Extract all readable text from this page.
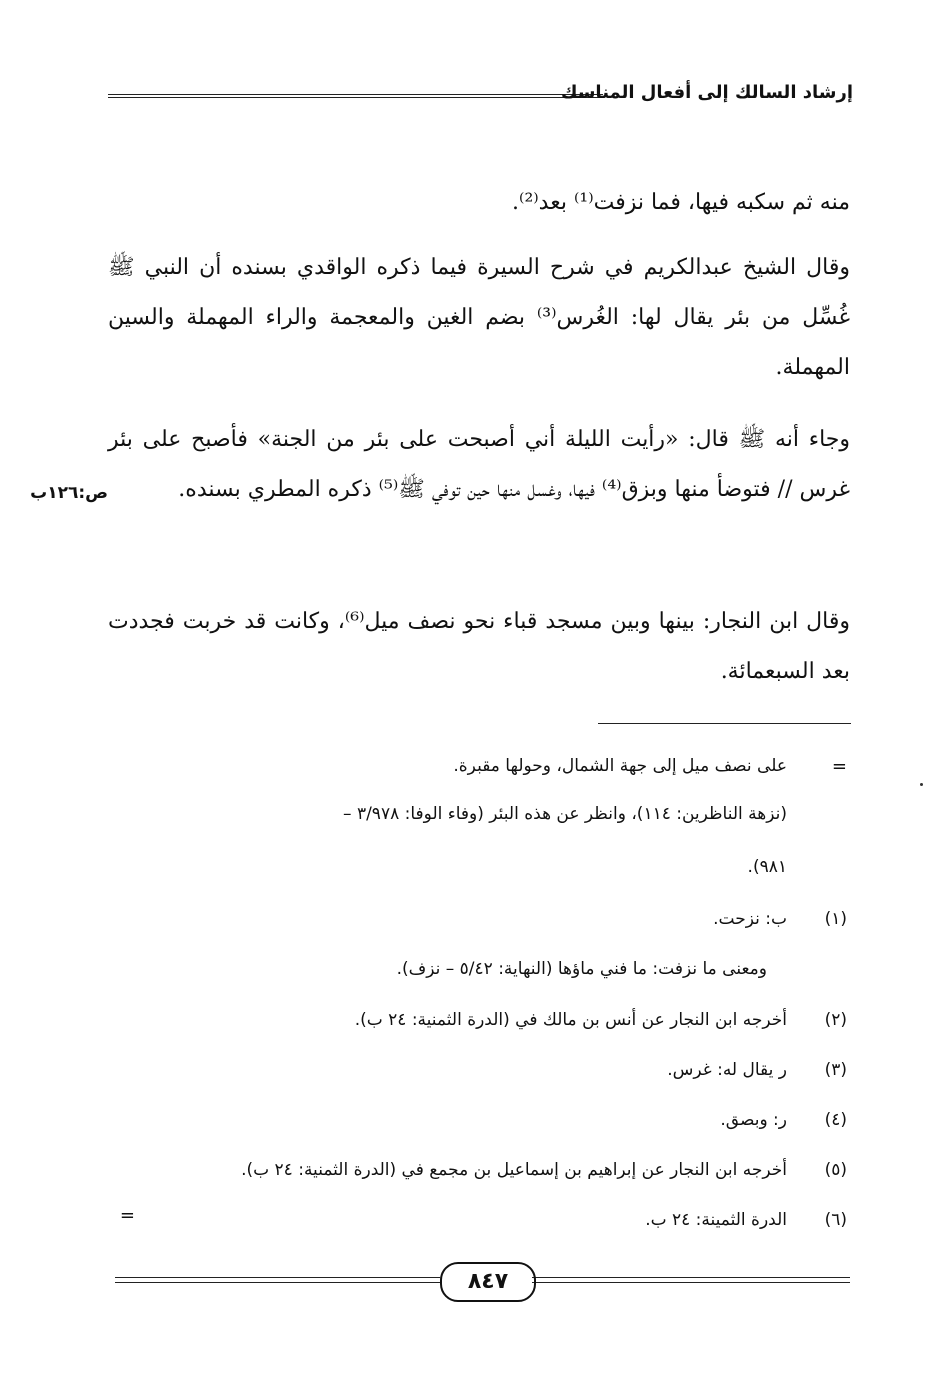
إرشاد السالك إلى أفعال المناسك
منه ثم سكبه فيها، فما نزفت⁽¹⁾ بعد⁽²⁾.
وقال الشيخ عبدالكريم في شرح السيرة فيما ذكره الواقدي بسنده أن النبي ﷺ غُسِّل من بئر يقال لها: الغُرس⁽³⁾ بضم الغين والمعجمة والراء المهملة والسين المهملة.
وجاء أنه ﷺ قال: «رأيت الليلة أني أصبحت على بئر من الجنة» فأصبح على بئر غرس // فتوضأ منها وبزق⁽⁴⁾ فيها، وغسل منها حين توفي ﷺ⁽⁵⁾ ذكره المطري بسنده.
ص:١٢٦ب
وقال ابن النجار: بينها وبين مسجد قباء نحو نصف ميل⁽⁶⁾، وكانت قد خربت فجددت بعد السبعمائة.
=
على نصف ميل إلى جهة الشمال، وحولها مقبرة.
(نزهة الناظرين: ١١٤)، وانظر عن هذه البئر (وفاء الوفا: ٣/٩٧٨ –
٩٨١).
(١)
ب: نزحت.
ومعنى ما نزفت: ما فني ماؤها (النهاية: ٥/٤٢ – نزف).
(٢)
أخرجه ابن النجار عن أنس بن مالك في (الدرة الثمنية: ٢٤ ب).
(٣)
ر يقال له: غرس.
(٤)
ر: وبصق.
(٥)
أخرجه ابن النجار عن إبراهيم بن إسماعيل بن مجمع في (الدرة الثمنية: ٢٤ ب).
(٦)
الدرة الثمينة: ٢٤ ب.
=
٨٤٧
